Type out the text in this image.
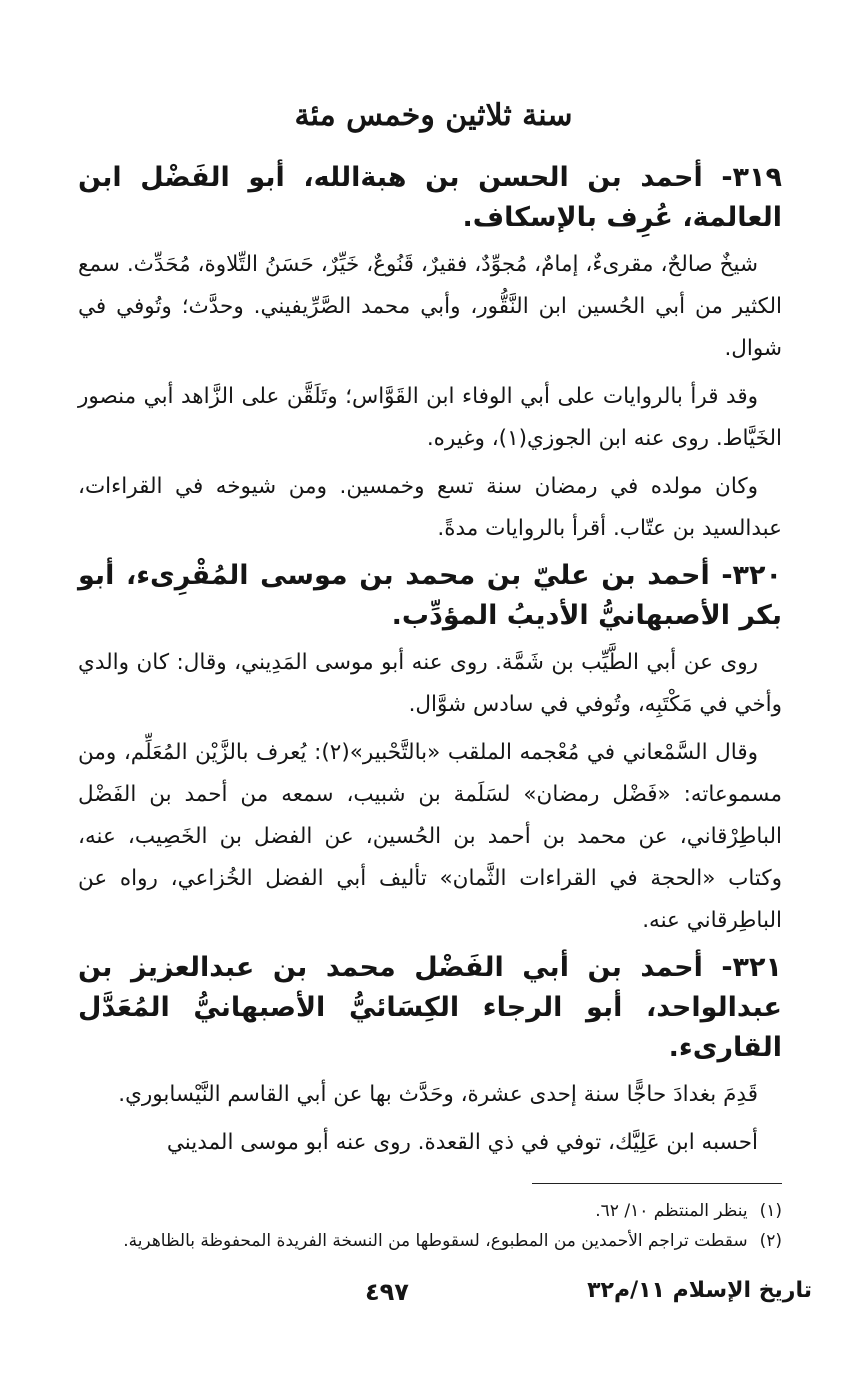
سنة ثلاثين وخمس مئة

٣١٩- أحمد بن الحسن بن هبةالله، أبو الفَضْل ابن العالمة، عُرِف بالإسكاف.

شيخٌ صالحٌ، مقرىءٌ، إمامٌ، مُجوِّدٌ، فقيرٌ، قَنُوعٌ، خَيِّرٌ، حَسَنُ التِّلاوة، مُحَدِّث. سمع الكثير من أبي الحُسين ابن النَّقُّور، وأبي محمد الصَّرِّيفيني. وحدَّث؛ وتُوفي في شوال.

وقد قرأ بالروايات على أبي الوفاء ابن القَوَّاس؛ وتَلَقَّن على الزَّاهد أبي منصور الخَيَّاط. روى عنه ابن الجوزي(١)، وغيره.

وكان مولده في رمضان سنة تسع وخمسين. ومن شيوخه في القراءات، عبدالسيد بن عتّاب. أقرأ بالروايات مدةً.

٣٢٠- أحمد بن عليّ بن محمد بن موسى المُقْرِىء، أبو بكر الأصبهانيُّ الأديبُ المؤدِّب.

روى عن أبي الطَّيِّب بن شَمَّة. روى عنه أبو موسى المَدِيني، وقال: كان والدي وأخي في مَكْتَبِه، وتُوفي في سادس شوَّال.

وقال السَّمْعاني في مُعْجمه الملقب «بالتَّحْبير»(٢): يُعرف بالزَّيْن المُعَلِّم، ومن مسموعاته: «فَضْل رمضان» لسَلَمة بن شبيب، سمعه من أحمد بن الفَضْل الباطِرْقاني، عن محمد بن أحمد بن الحُسين، عن الفضل بن الخَصِيب، عنه، وكتاب «الحجة في القراءات الثَّمان» تأليف أبي الفضل الخُزاعي، رواه عن الباطِرقاني عنه.

٣٢١- أحمد بن أبي الفَضْل محمد بن عبدالعزيز بن عبدالواحد، أبو الرجاء الكِسَائيُّ الأصبهانيُّ المُعَدَّل القارىء.

قَدِمَ بغدادَ حاجًّا سنة إحدى عشرة، وحَدَّث بها عن أبي القاسم النَّيْسابوري.

أحسبه ابن عَلِيَّك، توفي في ذي القعدة. روى عنه أبو موسى المديني

(١)ينظر المنتظم ١٠/ ٦٢.

(٢)سقطت تراجم الأحمدين من المطبوع، لسقوطها من النسخة الفريدة المحفوظة بالظاهرية.

تاريخ الإسلام ١١/م٣٢
٤٩٧
